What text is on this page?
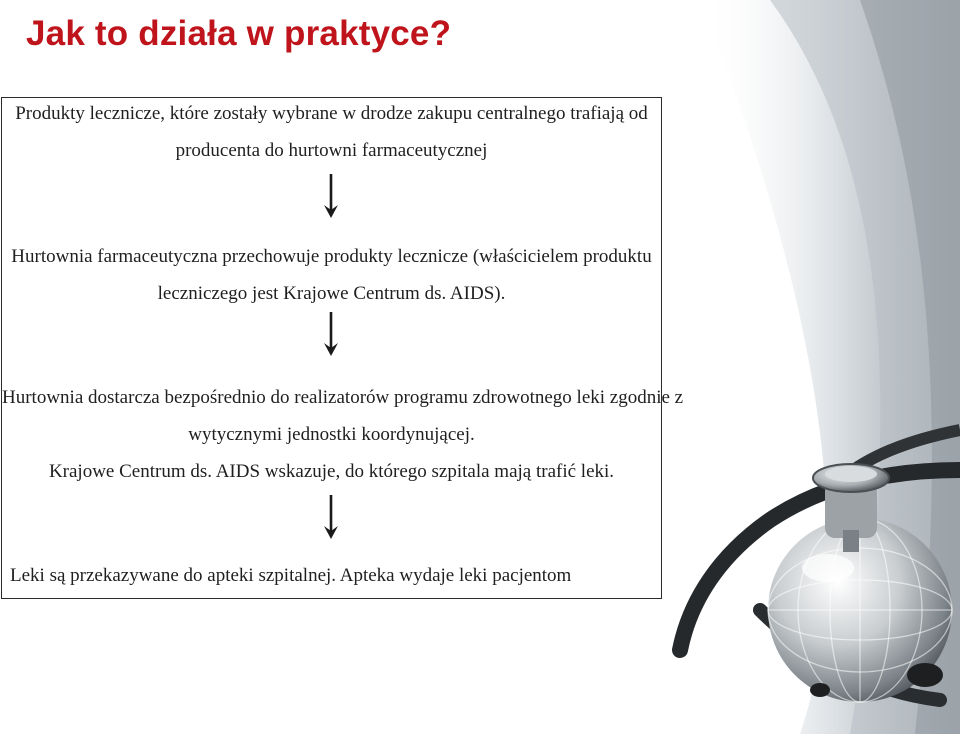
Jak to działa w praktyce?
Produkty lecznicze, które zostały wybrane w drodze zakupu centralnego trafiają od
producenta do hurtowni farmaceutycznej
Hurtownia farmaceutyczna przechowuje produkty lecznicze (właścicielem produktu
leczniczego jest Krajowe Centrum ds. AIDS).
Hurtownia dostarcza bezpośrednio do realizatorów programu zdrowotnego leki zgodnie z
wytycznymi jednostki koordynującej.
Krajowe Centrum ds. AIDS wskazuje, do którego szpitala mają trafić leki.
Leki są przekazywane do apteki szpitalnej. Apteka wydaje leki pacjentom
